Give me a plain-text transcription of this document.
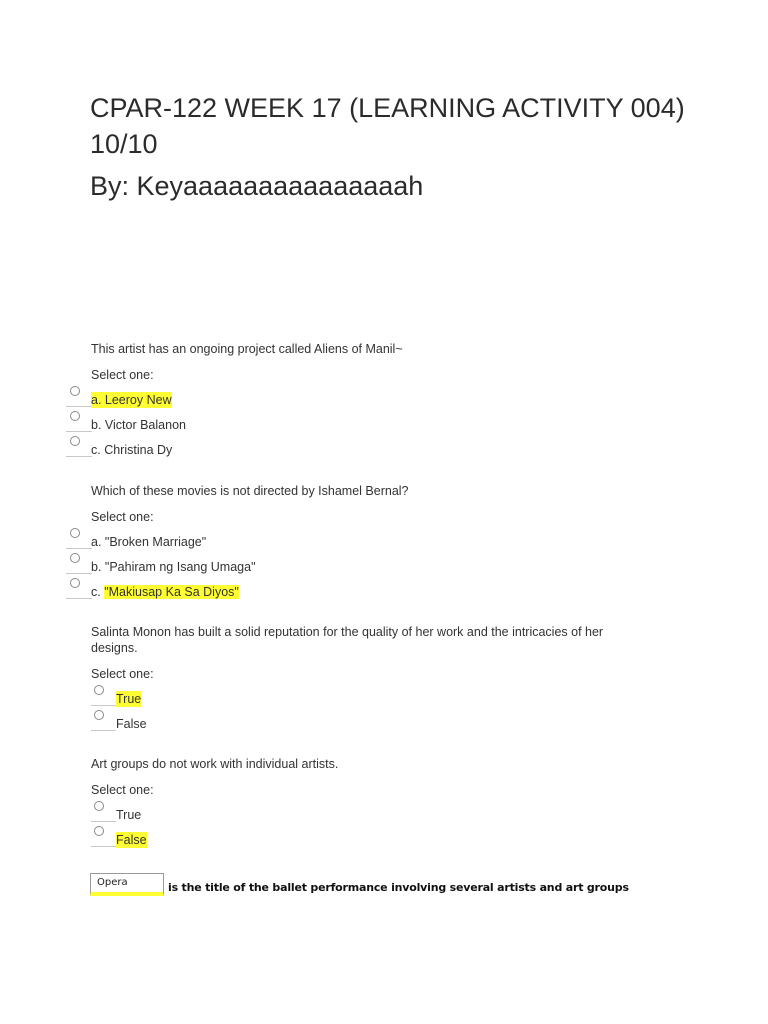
CPAR-122 WEEK 17 (LEARNING ACTIVITY 004) 10/10
By: Keyaaaaaaaaaaaaaaah

This artist has an ongoing project called Aliens of Manil~

Select one:
a. Leeroy New
b. Victor Balanon
c. Christina Dy

Which of these movies is not directed by Ishamel Bernal?

Select one:
a. "Broken Marriage"
b. "Pahiram ng Isang Umaga"
c. "Makiusap Ka Sa Diyos"

Salinta Monon has built a solid reputation for the quality of her work and the intricacies of her designs.

Select one:
True
False

Art groups do not work with individual artists.

Select one:
True
False
Opera	is the title of the ballet performance involving several artists and art groups
